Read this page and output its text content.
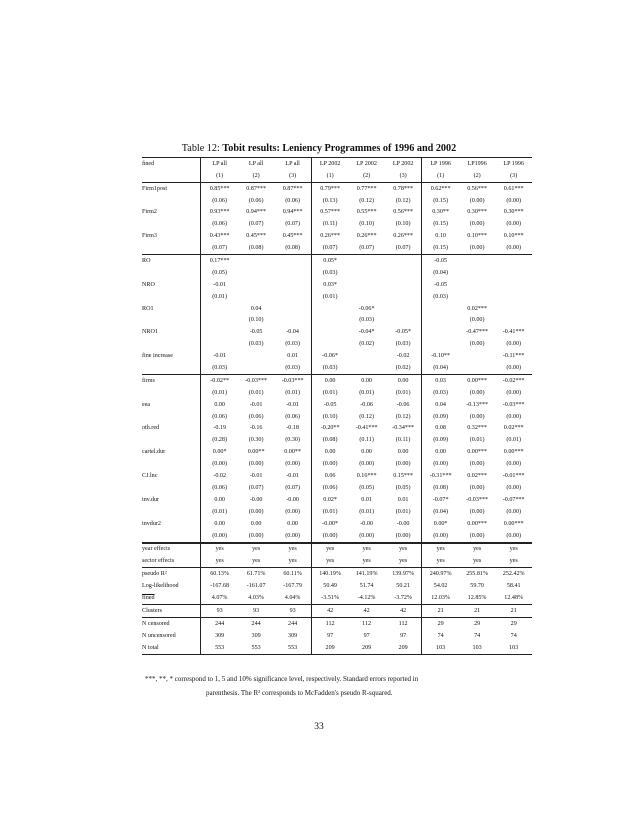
Table 12: Tobit results: Leniency Programmes of 1996 and 2002
ﬁned	LP all	LP all	LP all	LP 2002	LP 2002	LP 2002	LP 1996	LP1996	LP 1996
	(1)	(2)	(3)	(1)	(2)	(3)	(1)	(2)	(3)
Firm1post	0.85***	0.87***	0.87***	0.79***	0.77***	0.78***	0.62***	0.56***	0.61***
	(0.06)	(0.06)	(0.06)	(0.13)	(0.12)	(0.12)	(0.15)	(0.00)	(0.00)
Firm2	0.93***	0.94***	0.94***	0.57***	0.55***	0.56***	0.30**	0.30***	0.30***
	(0.06)	(0.07)	(0.07)	(0.11)	(0.10)	(0.10)	(0.15)	(0.00)	(0.00)
Firm3	0.43***	0.45***	0.45***	0.26***	0.26***	0.26***	0.10	0.10***	0.10***
	(0.07)	(0.08)	(0.08)	(0.07)	(0.07)	(0.07)	(0.15)	(0.00)	(0.00)
RO	0.17***			0.05*			-0.05		
	(0.05)			(0.03)			(0.04)		
NRO	-0.01			0.03*			-0.05		
	(0.01)			(0.01)			(0.03)		
RO1		0.04			-0.06*			0.02***	
		(0.10)			(0.03)			(0.00)	
NRO1		-0.05	-0.04		-0.04*	-0.05*		-0.47***	-0.41***
		(0.03)	(0.03)		(0.02)	(0.03)		(0.00)	(0.00)
fine increase	-0.01		0.01	-0.06*		-0.02	-0.10**		-0.11***
	(0.03)		(0.03)	(0.03)		(0.02)	(0.04)		(0.00)
firms	-0.02**	-0.03***	-0.03***	0.00	0.00	0.00	0.03	0.00***	-0.02***
	(0.01)	(0.01)	(0.01)	(0.01)	(0.01)	(0.01)	(0.03)	(0.00)	(0.00)
eea	0.00	-0.01	-0.01	-0.05	-0.06	-0.06	0.04	-0.13***	-0.03***
	(0.06)	(0.06)	(0.06)	(0.10)	(0.12)	(0.12)	(0.09)	(0.00)	(0.00)
oth.red	-0.19	-0.16	-0.18	-0.20**	-0.41***	-0.34***	0.08	0.32***	0.02***
	(0.28)	(0.30)	(0.30)	(0.08)	(0.11)	(0.11)	(0.09)	(0.01)	(0.01)
cartel.dur	0.00*	0.00**	0.00**	0.00	0.00	0.00	0.00	0.00***	0.00***
	(0.00)	(0.00)	(0.00)	(0.00)	(0.00)	(0.00)	(0.00)	(0.00)	(0.00)
CJ.lnc	-0.02	-0.01	-0.01	0.06	0.16***	0.15***	-0.31***	0.02***	-0.01***
	(0.06)	(0.07)	(0.07)	(0.06)	(0.05)	(0.05)	(0.08)	(0.00)	(0.00)
inv.dur	0.00	-0.00	-0.00	0.02*	0.01	0.01	-0.07*	-0.03***	-0.07***
	(0.01)	(0.00)	(0.00)	(0.01)	(0.01)	(0.01)	(0.04)	(0.00)	(0.00)
invdur2	0.00	0.00	0.00	-0.00*	-0.00	-0.00	0.00*	0.00***	0.00***
	(0.00)	(0.00)	(0.00)	(0.00)	(0.00)	(0.00)	(0.00)	(0.00)	(0.00)
year effects	yes	yes	yes	yes	yes	yes	yes	yes	yes
sector effects	yes	yes	yes	yes	yes	yes	yes	yes	yes
pseudo R²	60.13%	61.71%	60.11%	140.19%	141.19%	139.97%	240.97%	255.81%	252.42%
Log-likelihood	-167.68	-161.07	-167.79	50.49	51.74	50.21	54.02	59.70	58.41
fined	4.07%	4.03%	4.04%	-3.51%	-4.12%	-3.72%	12.03%	12.85%	12.48%
Clusters	93	93	93	42	42	42	21	21	21
N censored	244	244	244	112	112	112	29	29	29
N uncensored	309	309	309	97	97	97	74	74	74
N total	553	553	553	209	209	209	103	103	103
***, **, * correspond to 1, 5 and 10% significance level, respectively. Standard errors reported in
parenthesis. The R² corresponds to McFadden's pseudo R-squared.
33
